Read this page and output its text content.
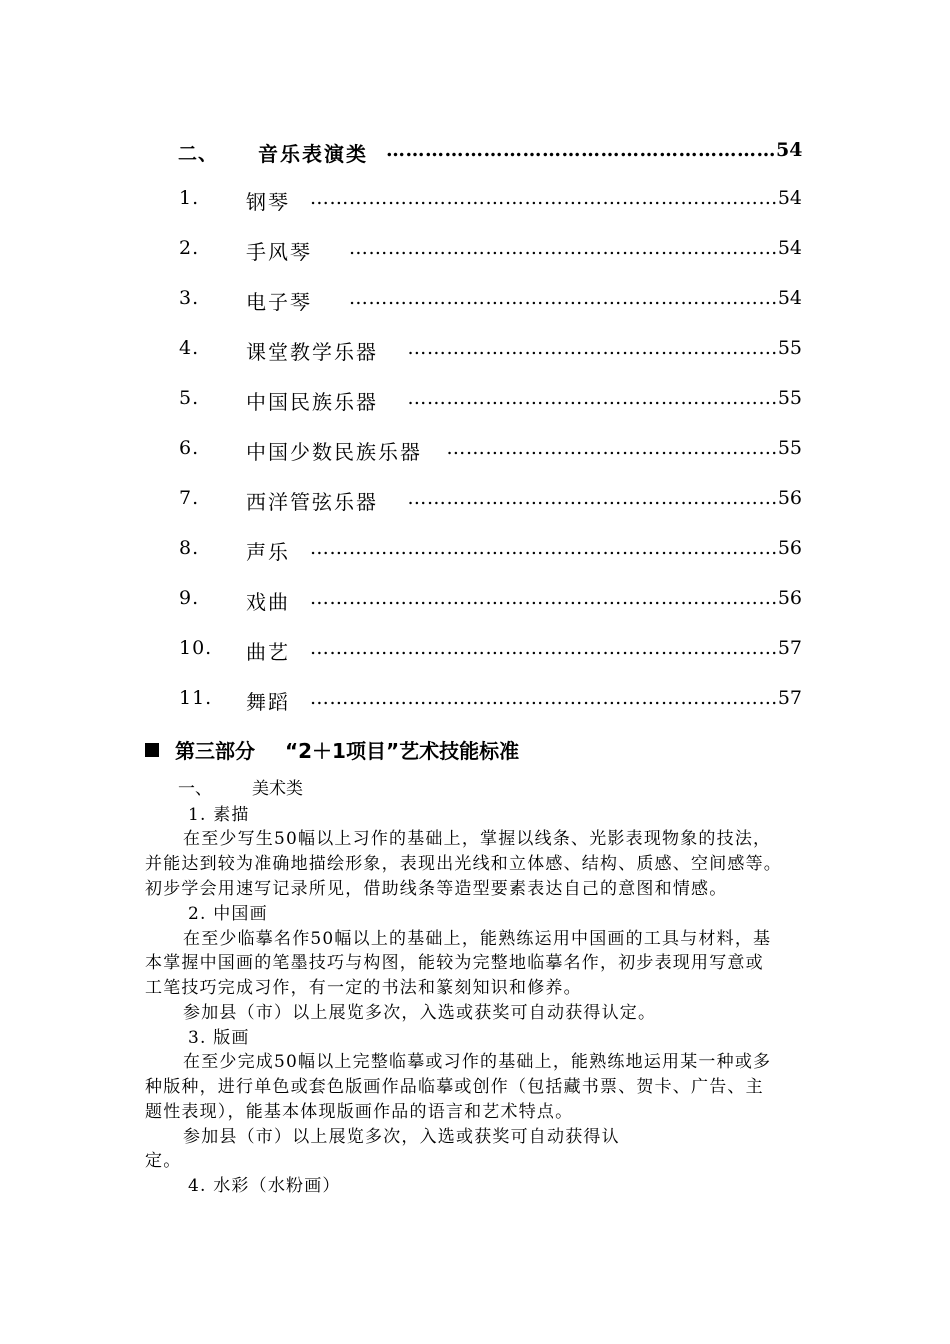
二、 音乐表演类 ……………………………………………………54
1. 钢琴 ………………………………………………………………54
2. 手风琴	…………………………………………………………54
3. 电子琴	…………………………………………………………54
4. 课堂教学乐器	…………………………………………………55
5. 中国民族乐器	…………………………………………………55
6. 中国少数民族乐器	……………………………………………55
7. 西洋管弦乐器	…………………………………………………56
8. 声乐 ………………………………………………………………56
9. 戏曲 ………………………………………………………………56
10. 曲艺 ………………………………………………………………57
11. 舞蹈 ………………………………………………………………57
第三部分 “2＋1项目”艺术技能标准
一、 美术类
1. 素描
在至少写生50幅以上习作的基础上，掌握以线条、光影表现物象的技法，
并能达到较为准确地描绘形象，表现出光线和立体感、结构、质感、空间感等。
初步学会用速写记录所见，借助线条等造型要素表达自己的意图和情感。
2. 中国画
在至少临摹名作50幅以上的基础上，能熟练运用中国画的工具与材料，基
本掌握中国画的笔墨技巧与构图，能较为完整地临摹名作，初步表现用写意或
工笔技巧完成习作，有一定的书法和篆刻知识和修养。
参加县（市）以上展览多次，入选或获奖可自动获得认定。
3. 版画
在至少完成50幅以上完整临摹或习作的基础上，能熟练地运用某一种或多
种版种，进行单色或套色版画作品临摹或创作（包括藏书票、贺卡、广告、主
题性表现），能基本体现版画作品的语言和艺术特点。
参加县（市）以上展览多次，入选或获奖可自动获得认
定。
4. 水彩（水粉画）
